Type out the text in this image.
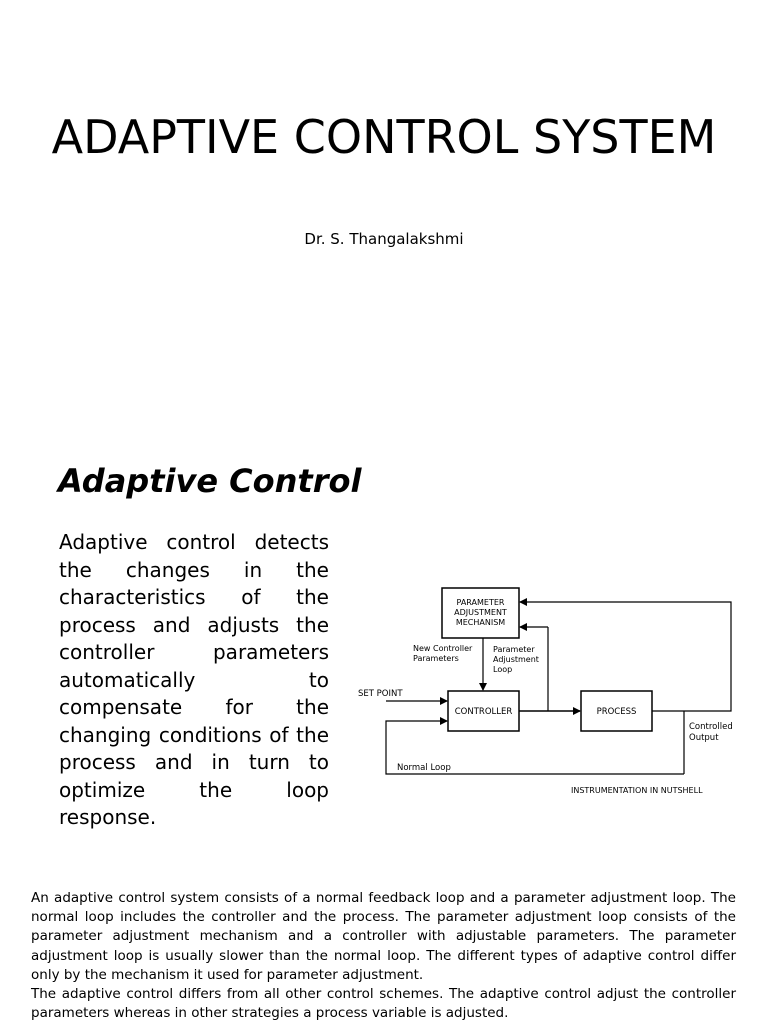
ADAPTIVE CONTROL SYSTEM
Dr. S. Thangalakshmi
Adaptive Control

Adaptive control detects the changes in the characteristics of the process and adjusts the controller parameters automatically to compensate for the changing conditions of the process and in turn to optimize the loop response.

PARAMETER
ADJUSTMENT
MECHANISM
CONTROLLER	PROCESS
SET POINT
New Controller
Parameters
Parameter
Adjustment
Loop
Controlled
Output
Normal Loop
INSTRUMENTATION IN NUTSHELL

An adaptive control system consists of a normal feedback loop and a parameter adjustment loop. The normal loop includes the controller and the process. The parameter adjustment loop consists of the parameter adjustment mechanism and a controller with adjustable parameters. The parameter adjustment loop is usually slower than the normal loop. The different types of adaptive control differ only by the mechanism it used for parameter adjustment.

The adaptive control differs from all other control schemes. The adaptive control adjust the controller parameters whereas in other strategies a process variable is adjusted.
